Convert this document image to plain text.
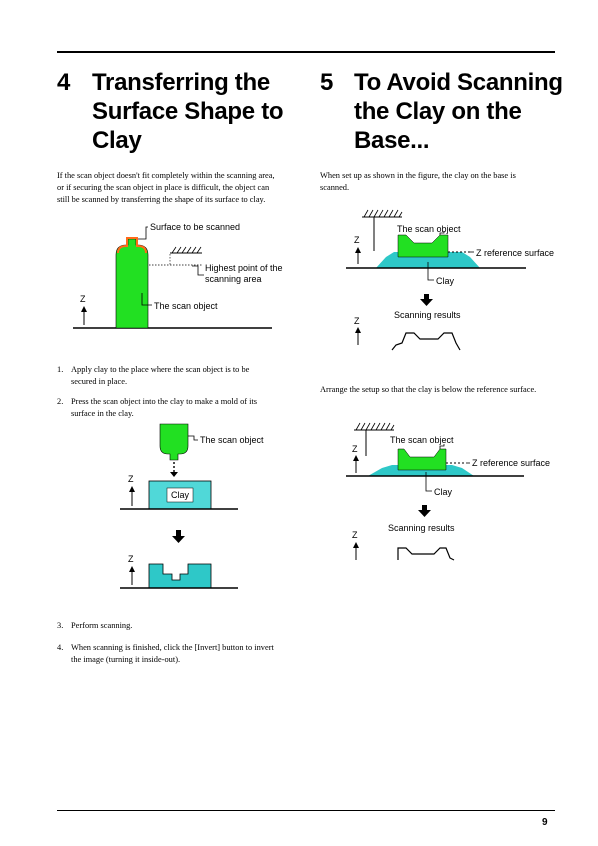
4 Transferring the
Surface Shape to
Clay
5 To Avoid Scanning
the Clay on the
Base...
If the scan object doesn't fit completely within the scanning area,
or if securing the scan object in place is difficult, the object can
still be scanned by transferring the shape of its surface to clay.
When set up as shown in the figure, the clay on the base is
scanned.
Z
Surface to be scanned
Highest point of the
scanning area
The scan object
1. Apply clay to the place where the scan object is to be
secured in place.
2. Press the scan object into the clay to make a mold of its
surface in the clay.
The scan object
Clay
Z
Z
3. Perform scanning.
4. When scanning is finished, click the [Invert] button to invert
the image (turning it inside-out).
Z reference surface
The scan object
Clay
Z
Scanning results
Z
Arrange the setup so that the clay is below the reference surface.
Z reference surface
The scan object
Clay
Z
Scanning results
Z
9
